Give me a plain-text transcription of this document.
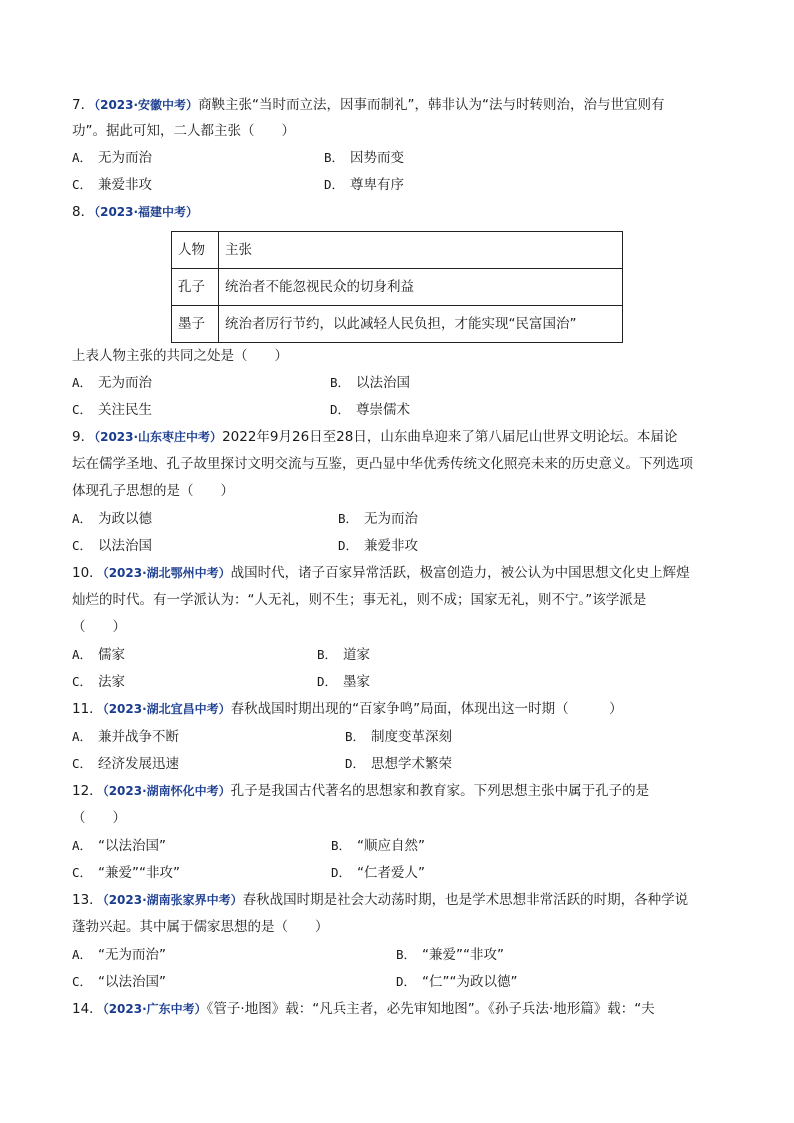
7．（2023·安徽中考）商鞅主张“当时而立法，因事而制礼”，韩非认为“法与时转则治，治与世宜则有
功”。据此可知，二人都主张（　　）
A． 无为而治	B． 因势而变
C． 兼爱非攻	D． 尊卑有序
8．（2023·福建中考）
人物	主张
孔子	统治者不能忽视民众的切身利益
墨子	统治者厉行节约，以此减轻人民负担，才能实现“民富国治”
上表人物主张的共同之处是（　　）
A． 无为而治	B． 以法治国
C． 关注民生	D． 尊崇儒术
9．（2023·山东枣庄中考）2022年9月26日至28日，山东曲阜迎来了第八届尼山世界文明论坛。本届论
坛在儒学圣地、孔子故里探讨文明交流与互鉴，更凸显中华优秀传统文化照亮未来的历史意义。下列选项
体现孔子思想的是（　　）
A． 为政以德	B． 无为而治
C． 以法治国	D． 兼爱非攻
10．（2023·湖北鄂州中考）战国时代，诸子百家异常活跃，极富创造力，被公认为中国思想文化史上辉煌
灿烂的时代。有一学派认为：“人无礼，则不生；事无礼，则不成；国家无礼，则不宁。”该学派是
（　　）
A． 儒家	B． 道家
C． 法家	D． 墨家
11．（2023·湖北宜昌中考）春秋战国时期出现的“百家争鸣”局面，体现出这一时期（　　　）
A． 兼并战争不断	B． 制度变革深刻
C． 经济发展迅速	D． 思想学术繁荣
12．（2023·湖南怀化中考）孔子是我国古代著名的思想家和教育家。下列思想主张中属于孔子的是
（　　）
A． “以法治国”	B． “顺应自然”
C． “兼爱”“非攻”	D． “仁者爱人”
13．（2023·湖南张家界中考）春秋战国时期是社会大动荡时期，也是学术思想非常活跃的时期，各种学说
蓬勃兴起。其中属于儒家思想的是（　　）
A． “无为而治”	B． “兼爱”“非攻”
C． “以法治国”	D． “仁”“为政以德”
14．（2023·广东中考）《管子·地图》载：“凡兵主者，必先审知地图”。《孙子兵法·地形篇》载：“夫
